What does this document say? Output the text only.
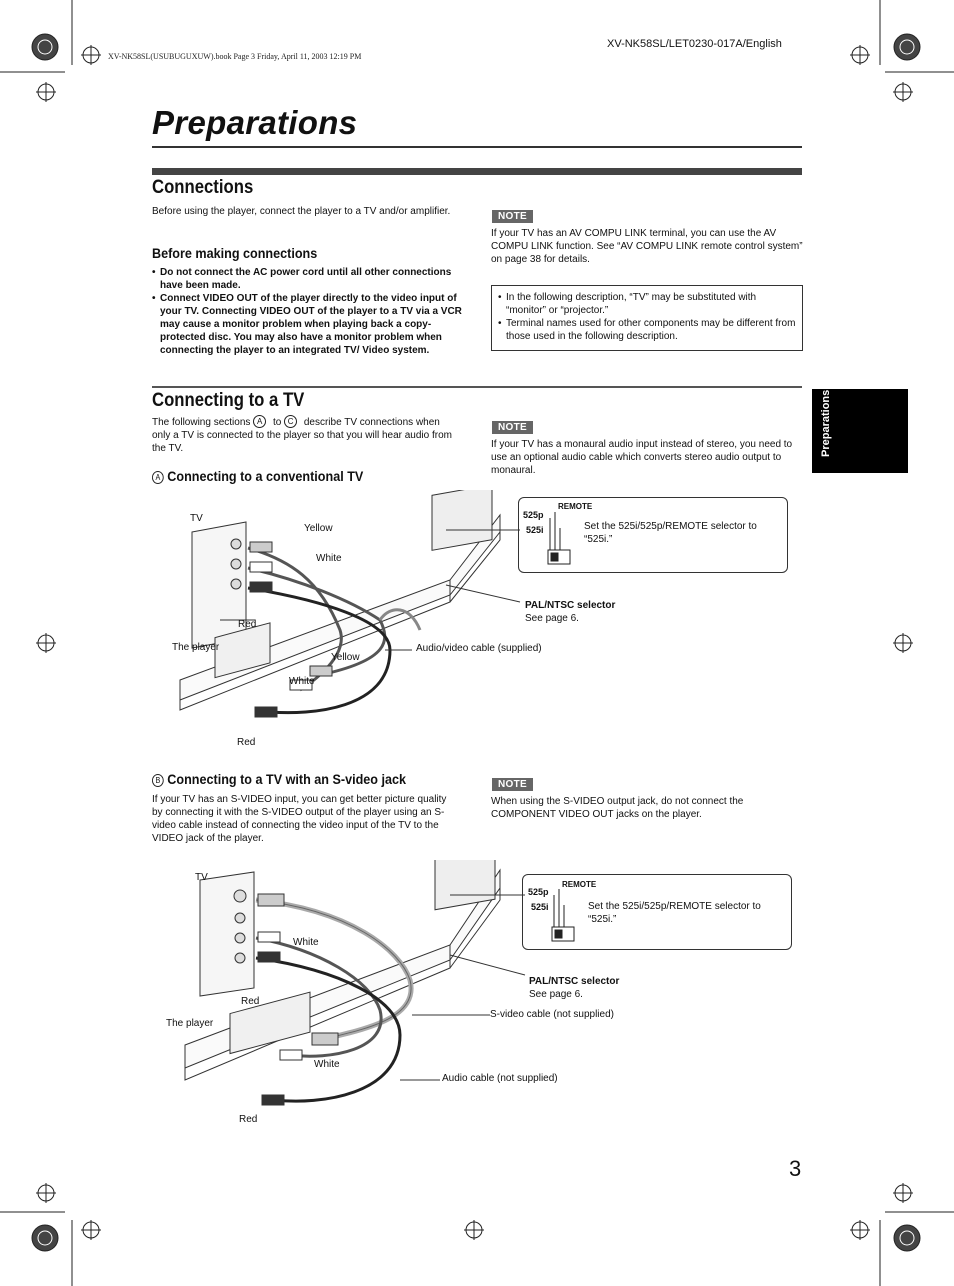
XV-NK58SL(USUBUGUXUW).book Page 3 Friday, April 11, 2003 12:19 PM
XV-NK58SL/LET0230-017A/English
Preparations
Connections
Before using the player, connect the player to a TV and/or amplifier.
Before making connections
• Do not connect the AC power cord until all other connections have been made.
• Connect VIDEO OUT of the player directly to the video input of your TV. Connecting VIDEO OUT of the player to a TV via a VCR may cause a monitor problem when playing back a copy-protected disc. You may also have a monitor problem when connecting the player to an integrated TV/ Video system.
NOTE
If your TV has an AV COMPU LINK terminal, you can use the AV COMPU LINK function. See “AV COMPU LINK remote control system” on page 38 for details.
• In the following description, “TV” may be substituted with “monitor” or “projector.”
• Terminal names used for other components may be different from those used in the following description.
Preparations
Connecting to a TV
The following sections A to C describe TV connections when only a TV is connected to the player so that you will hear audio from the TV.
NOTE
If your TV has a monaural audio input instead of stereo, you need to use an optional audio cable which converts stereo audio output to monaural.
A Connecting to a conventional TV
525p
525i
REMOTE
Set the 525i/525p/REMOTE selector to “525i.”
PAL/NTSC selector
See page 6.
TV
Yellow
White
Red
The player
Yellow
White
Red
Audio/video cable (supplied)
B Connecting to a TV with an S-video jack
If your TV has an S-VIDEO input, you can get better picture quality by connecting it with the S-VIDEO output of the player using an S-video cable instead of connecting the video input of the TV to the VIDEO jack of the player.
NOTE
When using the S-VIDEO output jack, do not connect the COMPONENT VIDEO OUT jacks on the player.
525p
525i
REMOTE
Set the 525i/525p/REMOTE selector to “525i.”
PAL/NTSC selector
See page 6.
TV
White
Red
The player
S-video cable (not supplied)
White
Audio cable (not supplied)
Red
3
